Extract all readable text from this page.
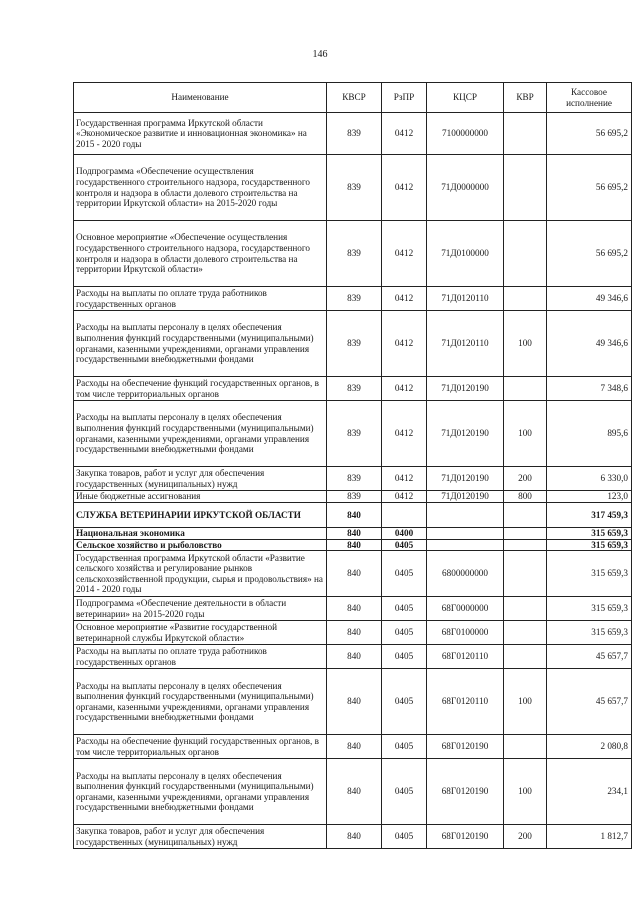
146
Наименование	КВСР	РзПР	КЦСР	КВР	Кассовое исполнение
Государственная программа Иркутской области «Экономическое развитие и инновационная экономика» на 2015 - 2020 годы	839	0412	7100000000		56 695,2
Подпрограмма «Обеспечение осуществления государственного строительного надзора, государственного контроля и надзора в области долевого строительства на территории Иркутской области» на 2015-2020 годы	839	0412	71Д0000000		56 695,2
Основное мероприятие «Обеспечение осуществления государственного строительного надзора, государственного контроля и надзора в области долевого строительства на территории Иркутской области»	839	0412	71Д0100000		56 695,2
Расходы на выплаты по оплате труда работников государственных органов	839	0412	71Д0120110		49 346,6
Расходы на выплаты персоналу в целях обеспечения выполнения функций государственными (муниципальными) органами, казенными учреждениями, органами управления государственными внебюджетными фондами	839	0412	71Д0120110	100	49 346,6
Расходы на обеспечение функций государственных органов, в том числе территориальных органов	839	0412	71Д0120190		7 348,6
Расходы на выплаты персоналу в целях обеспечения выполнения функций государственными (муниципальными) органами, казенными учреждениями, органами управления государственными внебюджетными фондами	839	0412	71Д0120190	100	895,6
Закупка товаров, работ и услуг для обеспечения государственных (муниципальных) нужд	839	0412	71Д0120190	200	6 330,0
Иные бюджетные ассигнования	839	0412	71Д0120190	800	123,0
СЛУЖБА ВЕТЕРИНАРИИ ИРКУТСКОЙ ОБЛАСТИ	840				317 459,3
Национальная экономика	840	0400			315 659,3
Сельское хозяйство и рыболовство	840	0405			315 659,3
Государственная программа Иркутской области «Развитие сельского хозяйства и регулирование рынков сельскохозяйственной продукции, сырья и продовольствия» на 2014 - 2020 годы	840	0405	6800000000		315 659,3
Подпрограмма «Обеспечение деятельности в области ветеринарии» на 2015-2020 годы	840	0405	68Г0000000		315 659,3
Основное мероприятие «Развитие государственной ветеринарной службы Иркутской области»	840	0405	68Г0100000		315 659,3
Расходы на выплаты по оплате труда работников государственных органов	840	0405	68Г0120110		45 657,7
Расходы на выплаты персоналу в целях обеспечения выполнения функций государственными (муниципальными) органами, казенными учреждениями, органами управления государственными внебюджетными фондами	840	0405	68Г0120110	100	45 657,7
Расходы на обеспечение функций государственных органов, в том числе территориальных органов	840	0405	68Г0120190		2 080,8
Расходы на выплаты персоналу в целях обеспечения выполнения функций государственными (муниципальными) органами, казенными учреждениями, органами управления государственными внебюджетными фондами	840	0405	68Г0120190	100	234,1
Закупка товаров, работ и услуг для обеспечения государственных (муниципальных) нужд	840	0405	68Г0120190	200	1 812,7
